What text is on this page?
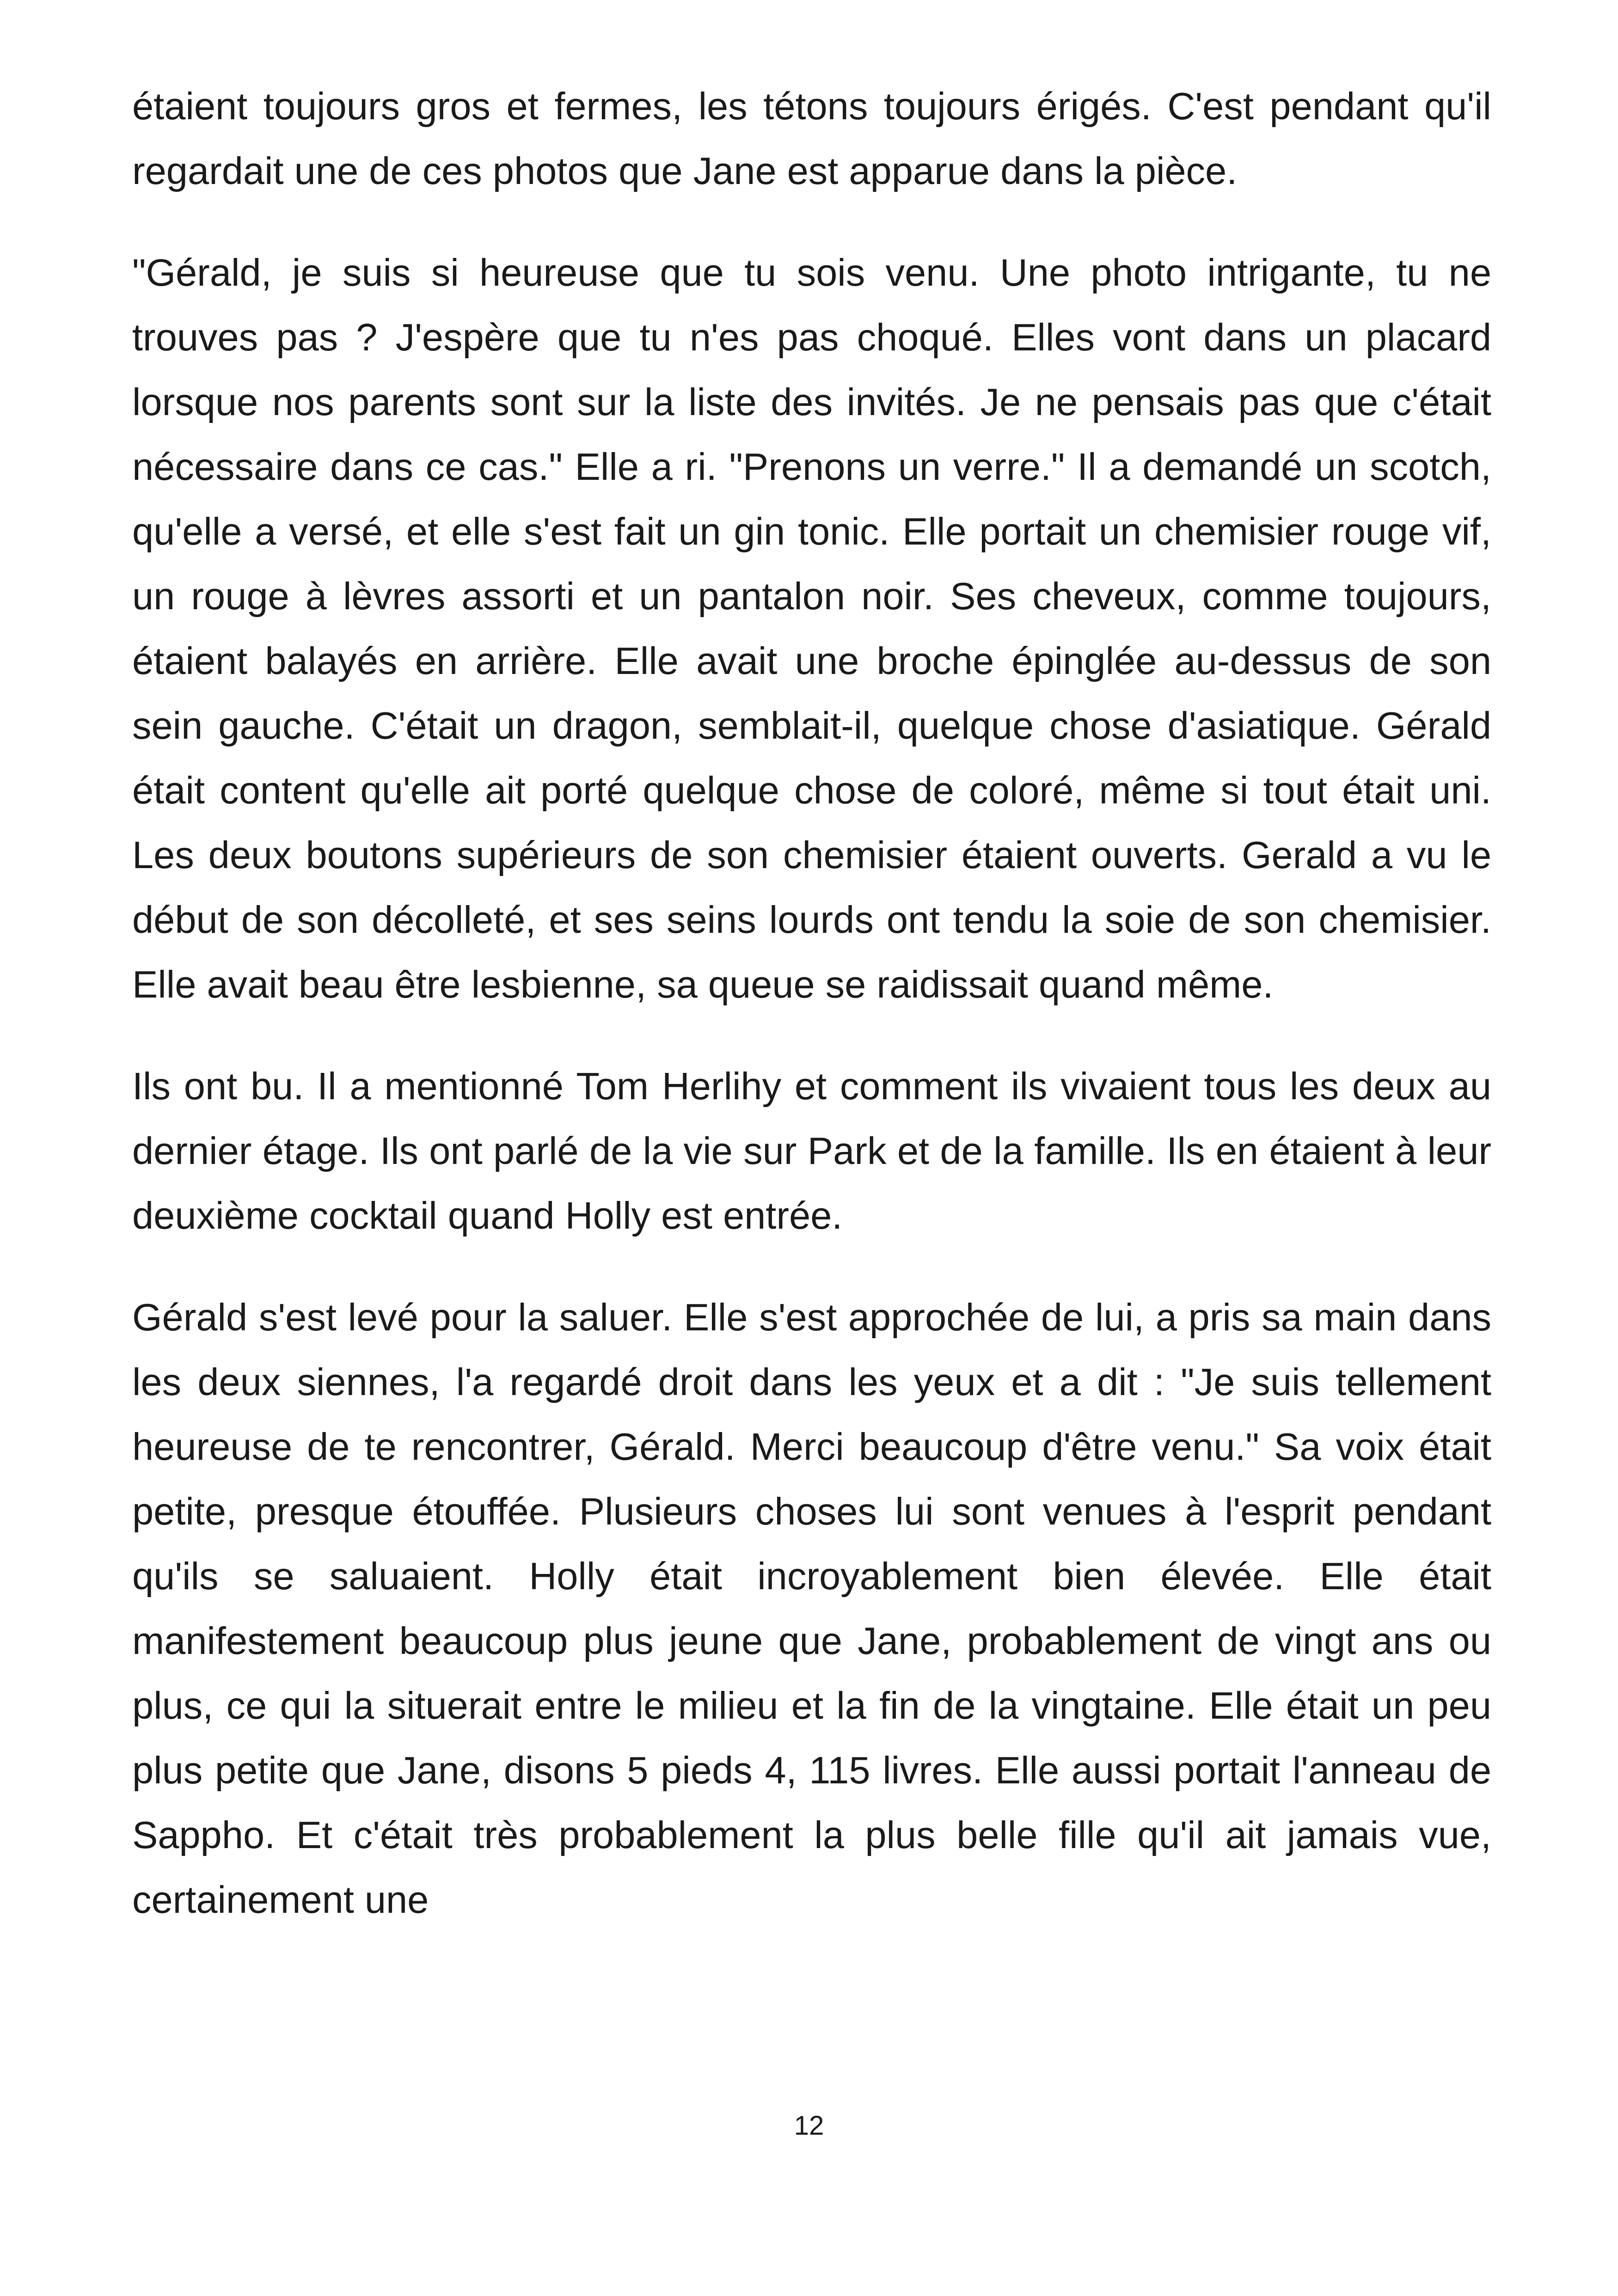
étaient toujours gros et fermes, les tétons toujours érigés. C'est pendant qu'il regardait une de ces photos que Jane est apparue dans la pièce.

"Gérald, je suis si heureuse que tu sois venu. Une photo intrigante, tu ne trouves pas ? J'espère que tu n'es pas choqué. Elles vont dans un placard lorsque nos parents sont sur la liste des invités. Je ne pensais pas que c'était nécessaire dans ce cas." Elle a ri. "Prenons un verre." Il a demandé un scotch, qu'elle a versé, et elle s'est fait un gin tonic. Elle portait un chemisier rouge vif, un rouge à lèvres assorti et un pantalon noir. Ses cheveux, comme toujours, étaient balayés en arrière. Elle avait une broche épinglée au-dessus de son sein gauche. C'était un dragon, semblait-il, quelque chose d'asiatique. Gérald était content qu'elle ait porté quelque chose de coloré, même si tout était uni. Les deux boutons supérieurs de son chemisier étaient ouverts. Gerald a vu le début de son décolleté, et ses seins lourds ont tendu la soie de son chemisier. Elle avait beau être lesbienne, sa queue se raidissait quand même.

Ils ont bu. Il a mentionné Tom Herlihy et comment ils vivaient tous les deux au dernier étage. Ils ont parlé de la vie sur Park et de la famille. Ils en étaient à leur deuxième cocktail quand Holly est entrée.

Gérald s'est levé pour la saluer. Elle s'est approchée de lui, a pris sa main dans les deux siennes, l'a regardé droit dans les yeux et a dit : "Je suis tellement heureuse de te rencontrer, Gérald. Merci beaucoup d'être venu." Sa voix était petite, presque étouffée. Plusieurs choses lui sont venues à l'esprit pendant qu'ils se saluaient. Holly était incroyablement bien élevée. Elle était manifestement beaucoup plus jeune que Jane, probablement de vingt ans ou plus, ce qui la situerait entre le milieu et la fin de la vingtaine. Elle était un peu plus petite que Jane, disons 5 pieds 4, 115 livres. Elle aussi portait l'anneau de Sappho. Et c'était très probablement la plus belle fille qu'il ait jamais vue, certainement une

12
